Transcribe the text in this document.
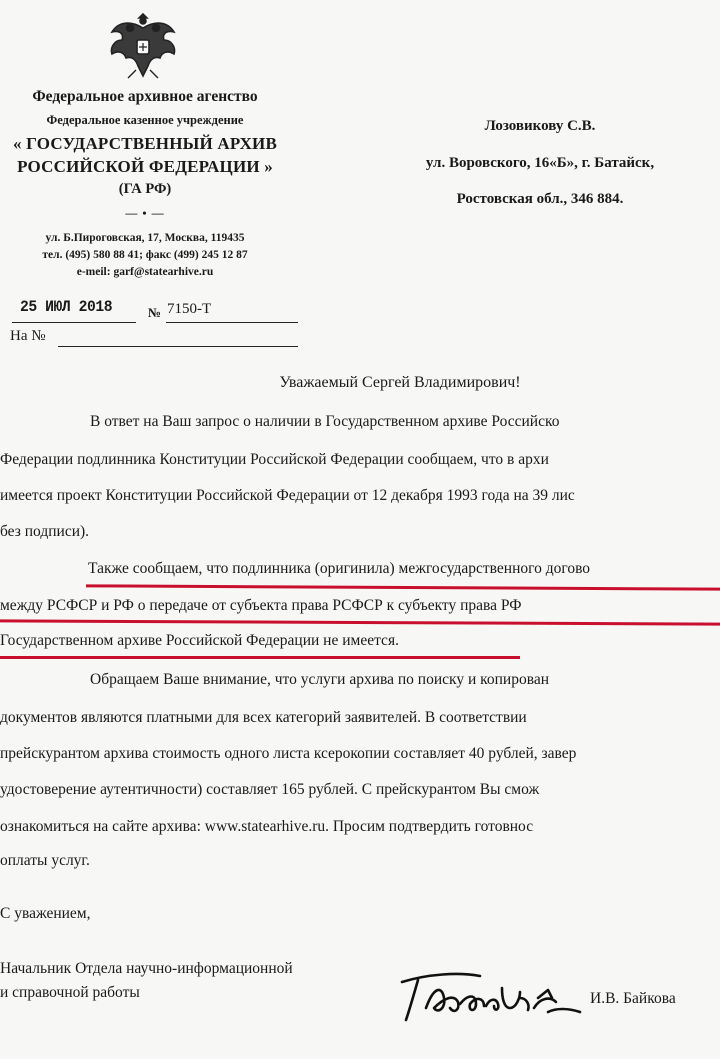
Федеральное архивное агенство
Федеральное казенное учреждение
« ГОСУДАРСТВЕННЫЙ АРХИВ
РОССИЙСКОЙ ФЕДЕРАЦИИ »
(ГА РФ)
— • —
ул. Б.Пироговская, 17, Москва, 119435
тел. (495) 580 88 41; факс (499) 245 12 87
e-meil: garf@statearhive.ru
25 ИЮЛ 2018	№ 7150-Т
На №
Лозовикову С.В.
ул. Воровского, 16«Б», г. Батайск,
Ростовская обл., 346 884.
Уважаемый Сергей Владимирович!
В ответ на Ваш запрос о наличии в Государственном архиве Российско
Федерации подлинника Конституции Российской Федерации сообщаем, что в архи
имеется проект Конституции Российской Федерации от 12 декабря 1993 года на 39 лис
без подписи).
Также сообщаем, что подлинника (оригинила) межгосударственного догово
между РСФСР и РФ о передаче от субъекта права РСФСР к субъекту права РФ
Государственном архиве Российской Федерации не имеется.
Обращаем Ваше внимание, что услуги архива по поиску и копирован
документов являются платными для всех категорий заявителей. В соответствии
прейскурантом архива стоимость одного листа ксерокопии составляет 40 рублей, завер
удостоверение аутентичности) составляет 165 рублей. С прейскурантом Вы смож
ознакомиться на сайте архива: www.statearhive.ru. Просим подтвердить готовнос
оплаты услуг.
С уважением,
Начальник Отдела научно-информационной
и справочной работы	И.В. Байкова
